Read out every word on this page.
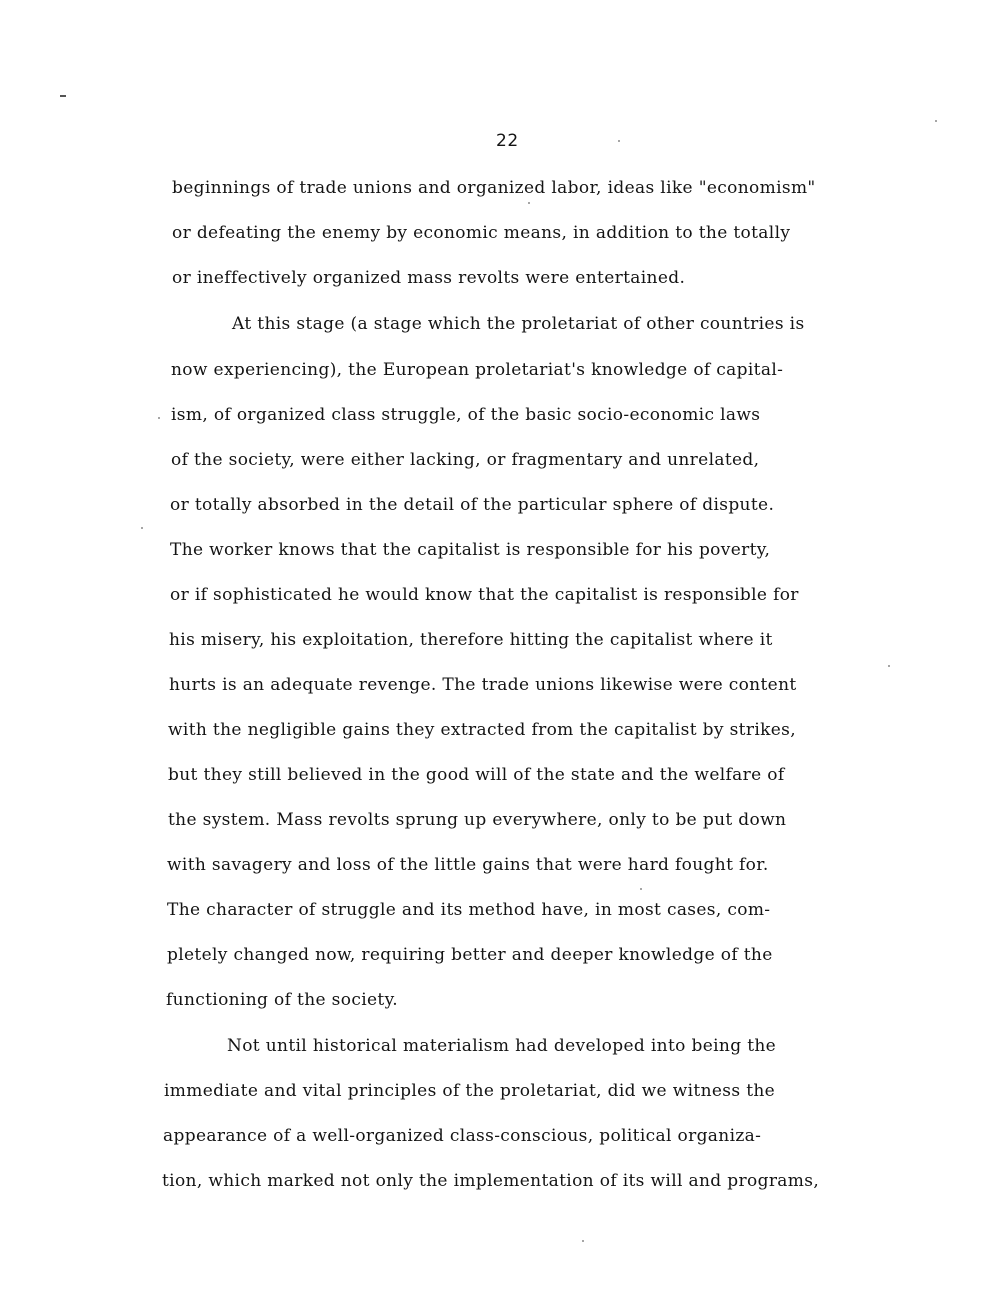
22
beginnings of trade unions and organized labor, ideas like "economism"
or defeating the enemy by economic means, in addition to the totally
or ineffectively organized mass revolts were entertained.
At this stage (a stage which the proletariat of other countries is
now experiencing), the European proletariat's knowledge of capital-
ism, of organized class struggle, of the basic socio-economic laws
of the society, were either lacking, or fragmentary and unrelated,
or totally absorbed in the detail of the particular sphere of dispute.
The worker knows that the capitalist is responsible for his poverty,
or if sophisticated he would know that the capitalist is responsible for
his misery, his exploitation, therefore hitting the capitalist where it
hurts is an adequate revenge. The trade unions likewise were content
with the negligible gains they extracted from the capitalist by strikes,
but they still believed in the good will of the state and the welfare of
the system. Mass revolts sprung up everywhere, only to be put down
with savagery and loss of the little gains that were hard fought for.
The character of struggle and its method have, in most cases, com-
pletely changed now, requiring better and deeper knowledge of the
functioning of the society.
Not until historical materialism had developed into being the
immediate and vital principles of the proletariat, did we witness the
appearance of a well-organized class-conscious, political organiza-
tion, which marked not only the implementation of its will and programs,
